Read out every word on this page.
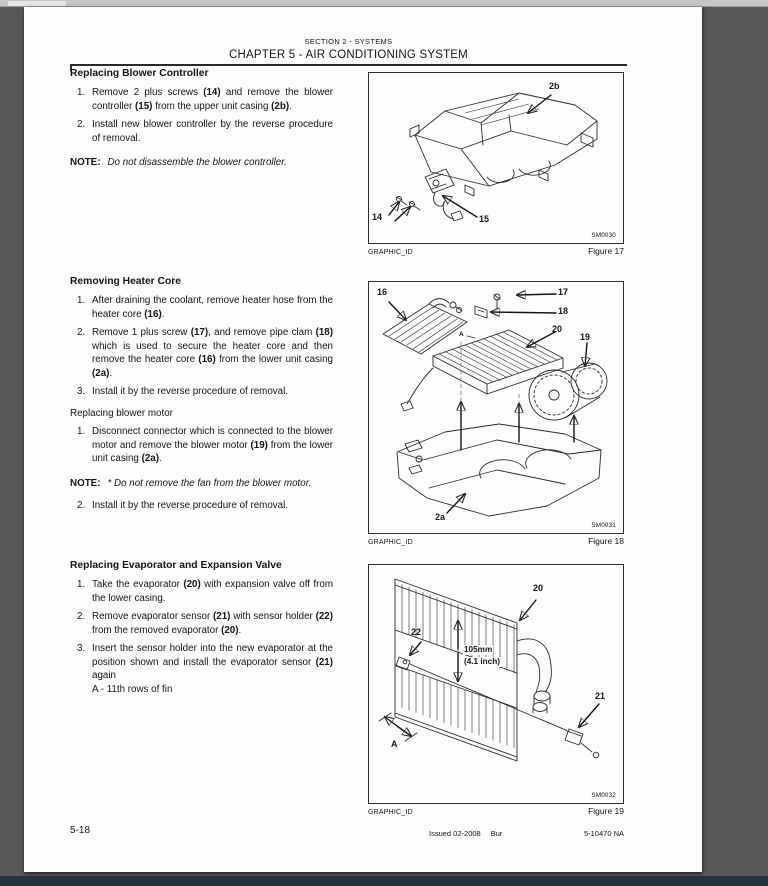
SECTION 2 - SYSTEMS
CHAPTER 5 - AIR CONDITIONING SYSTEM
Replacing Blower Controller
1. Remove 2 plus screws (14) and remove the blower controller (15) from the upper unit casing (2b).
2. Install new blower controller by the reverse procedure of removal.
NOTE: Do not disassemble the blower controller.
Removing Heater Core
1. After draining the coolant, remove heater hose from the heater core (16).
2. Remove 1 plus screw (17), and remove pipe clam (18) which is used to secure the heater core and then remove the heater core (16) from the lower unit casing (2a).
3. Install it by the reverse procedure of removal.
Replacing blower motor
1. Disconnect connector which is connected to the blower motor and remove the blower motor (19) from the lower unit casing (2a).
NOTE: * Do not remove the fan from the blower motor.
2. Install it by the reverse procedure of removal.
Replacing Evaporator and Expansion Valve
1. Take the evaporator (20) with expansion valve off from the lower casing.
2. Remove evaporator sensor (21) with sensor holder (22) from the removed evaporator (20).
3. Insert the sensor holder into the new evaporator at the position shown and install the evaporator sensor (21) again
A - 11th rows of fin
2b
14	15
SM0030
GRAPHIC_ID	Figure 17
16	17
18
20
19
2a
A
SM0031
GRAPHIC_ID	Figure 18
20
22
105mm
(4.1 inch)
21
A
SM0032
GRAPHIC_ID	Figure 19
5-18	Issued 02-2008 Bur	5-10470 NA
